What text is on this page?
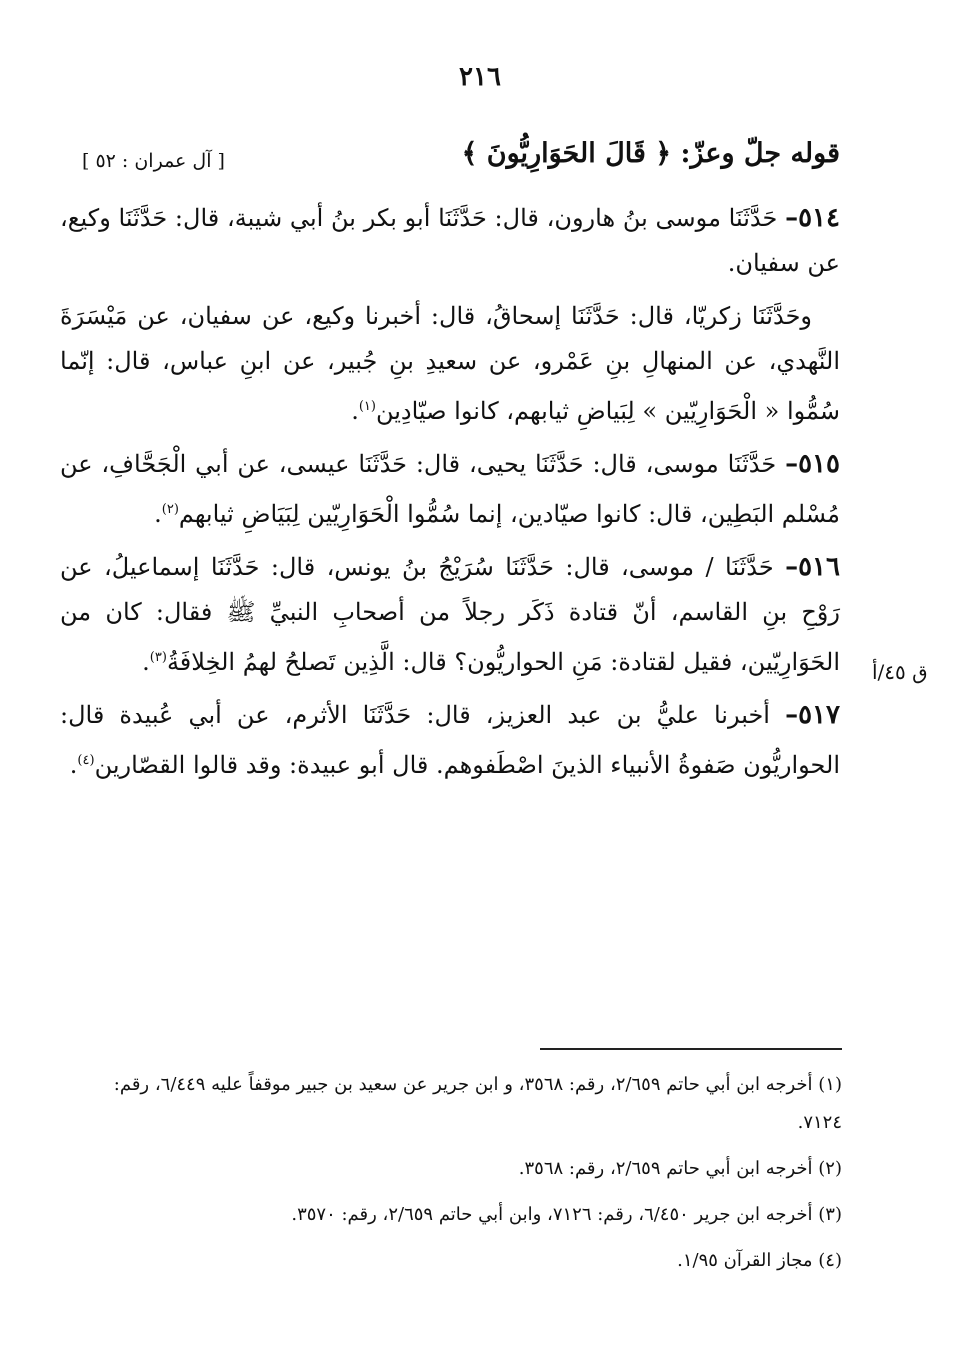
٢١٦
قوله جلّ وعزّ: ﴿ قَالَ الحَوَارِيُّونَ ﴾
[ آل عمران : ٥٢ ]
ق ٤٥/أ

٥١٤– حَدَّثَنَا موسى بنُ هارون، قال: حَدَّثَنَا أبو بكر بنُ أبي شيبة، قال: حَدَّثَنَا وكيع، عن سفيان.

وحَدَّثَنَا زكريّا، قال: حَدَّثَنَا إسحاقُ، قال: أخبرنا وكيع، عن سفيان، عن مَيْسَرَةَ النَّهدي، عن المنهالِ بنِ عَمْرو، عن سعيدِ بنِ جُبير، عن ابنِ عباس، قال: إنّما سُمُّوا « الْحَوَارِيّين » لِبَياضِ ثيابهم، كانوا صيّادِين$^{(١)}$.

٥١٥– حَدَّثَنَا موسى، قال: حَدَّثَنَا يحيى، قال: حَدَّثَنَا عيسى، عن أبي الْجَحَّافِ، عن مُسْلم البَطِين، قال: كانوا صيّادين، إنما سُمُّوا الْحَوَارِيّين لِبَيَاضِ ثيابهم$^{(٢)}$.

٥١٦– حَدَّثَنَا / موسى، قال: حَدَّثَنَا سُرَيْجُ بنُ يونس، قال: حَدَّثَنَا إسماعيلُ، عن رَوْحِ بنِ القاسم، أنّ قتادة ذَكَر رجلاً من أصحابِ النبيِّ ﷺ فقال: كان من الحَوَارِيّين، فقيل لقتادة: مَنِ الحواريُّون؟ قال: الَّذِين تَصلحُ لهمُ الخِلافَةُ$^{(٣)}$.

٥١٧– أخبرنا عليُّ بن عبد العزيز، قال: حَدَّثَنَا الأثرم، عن أبي عُبيدة قال: الحواريُّون صَفوةُ الأنبياء الذينَ اصْطَفوهم. قال أبو عبيدة: وقد قالوا القصّارين$^{(٤)}$.

(١) أخرجه ابن أبي حاتم ٢/٦٥٩، رقم: ٣٥٦٨، و ابن جرير عن سعيد بن جبير موقفاً عليه ٦/٤٤٩، رقم: ٧١٢٤.
(٢) أخرجه ابن أبي حاتم ٢/٦٥٩، رقم: ٣٥٦٨.
(٣) أخرجه ابن جرير ٦/٤٥٠، رقم: ٧١٢٦، وابن أبي حاتم ٢/٦٥٩، رقم: ٣٥٧٠.
(٤) مجاز القرآن ١/٩٥.
